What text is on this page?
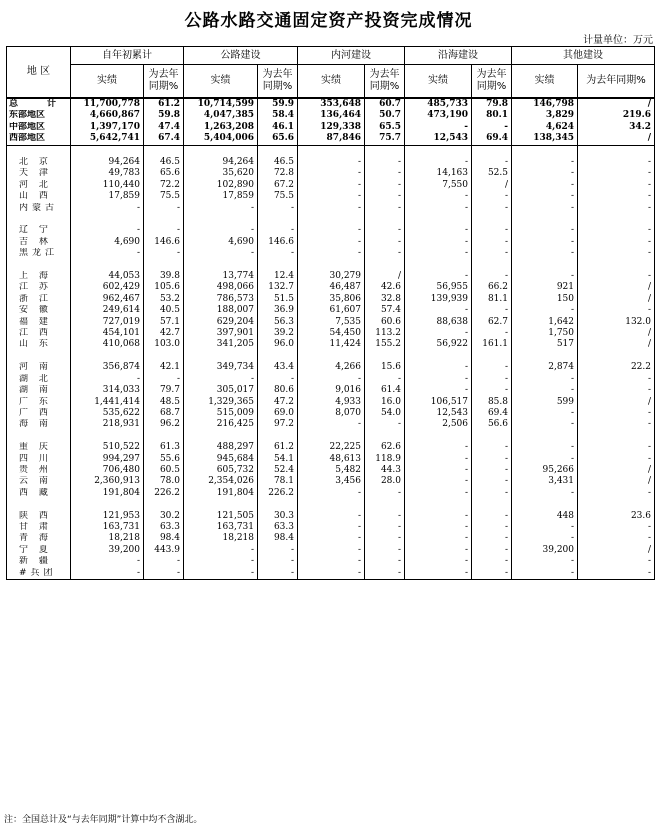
公路水路交通固定资产投资完成情况
计量单位：万元
地 区	自年初累计		公路建设		内河建设		沿海建设		其他建设	
	实绩	为去年同期%	实绩	为去年同期%	实绩	为去年同期%	实绩	为去年同期%	实绩	为去年同期%
总　计	11,700,778	61.2	10,714,599	59.9	353,648	60.7	485,733	79.8	146,798	/
东部地区	4,660,867	59.8	4,047,385	58.4	136,464	50.7	473,190	80.1	3,829	219.6
中部地区	1,397,170	47.4	1,263,208	46.1	129,338	65.5	-	-	4,624	34.2
西部地区	5,642,741	67.4	5,404,006	65.6	87,846	75.7	12,543	69.4	138,345	/

北 京	94,264	46.5	94,264	46.5	-	-	-	-	-	-
天 津	49,783	65.6	35,620	72.8	-	-	14,163	52.5	-	-
河 北	110,440	72.2	102,890	67.2	-	-	7,550	/	-	-
山 西	17,859	75.5	17,859	75.5	-	-	-	-	-	-
内蒙古	-	-	-	-	-	-	-	-	-	-

辽 宁	-	-	-	-	-	-	-	-	-	-
吉 林	4,690	146.6	4,690	146.6	-	-	-	-	-	-
黑龙江	-	-	-	-	-	-	-	-	-	-

上 海	44,053	39.8	13,774	12.4	30,279	/	-	-	-	-
江 苏	602,429	105.6	498,066	132.7	46,487	42.6	56,955	66.2	921	/
浙 江	962,467	53.2	786,573	51.5	35,806	32.8	139,939	81.1	150	/
安 徽	249,614	40.5	188,007	36.9	61,607	57.4	-	-	-	-
福 建	727,019	57.1	629,204	56.3	7,535	60.6	88,638	62.7	1,642	132.0
江 西	454,101	42.7	397,901	39.2	54,450	113.2	-	-	1,750	/
山 东	410,068	103.0	341,205	96.0	11,424	155.2	56,922	161.1	517	/

河 南	356,874	42.1	349,734	43.4	4,266	15.6	-	-	2,874	22.2
湖 北	-	-	-	-	-	-	-	-	-	-
湖 南	314,033	79.7	305,017	80.6	9,016	61.4	-	-	-	-
广 东	1,441,414	48.5	1,329,365	47.2	4,933	16.0	106,517	85.8	599	/
广 西	535,622	68.7	515,009	69.0	8,070	54.0	12,543	69.4	-	-
海 南	218,931	96.2	216,425	97.2	-	-	2,506	56.6	-	-

重 庆	510,522	61.3	488,297	61.2	22,225	62.6	-	-	-	-
四 川	994,297	55.6	945,684	54.1	48,613	118.9	-	-	-	-
贵 州	706,480	60.5	605,732	52.4	5,482	44.3	-	-	95,266	/
云 南	2,360,913	78.0	2,354,026	78.1	3,456	28.0	-	-	3,431	/
西 藏	191,804	226.2	191,804	226.2	-	-	-	-	-	-

陕 西	121,953	30.2	121,505	30.3	-	-	-	-	448	23.6
甘 肃	163,731	63.3	163,731	63.3	-	-	-	-	-	-
青 海	18,218	98.4	18,218	98.4	-	-	-	-	-	-
宁 夏	39,200	443.9	-	-	-	-	-	-	39,200	/
新 疆	-	-	-	-	-	-	-	-	-	-
#兵团	-	-	-	-	-	-	-	-	-	-
注：全国总计及“与去年同期”计算中均不含湖北。
